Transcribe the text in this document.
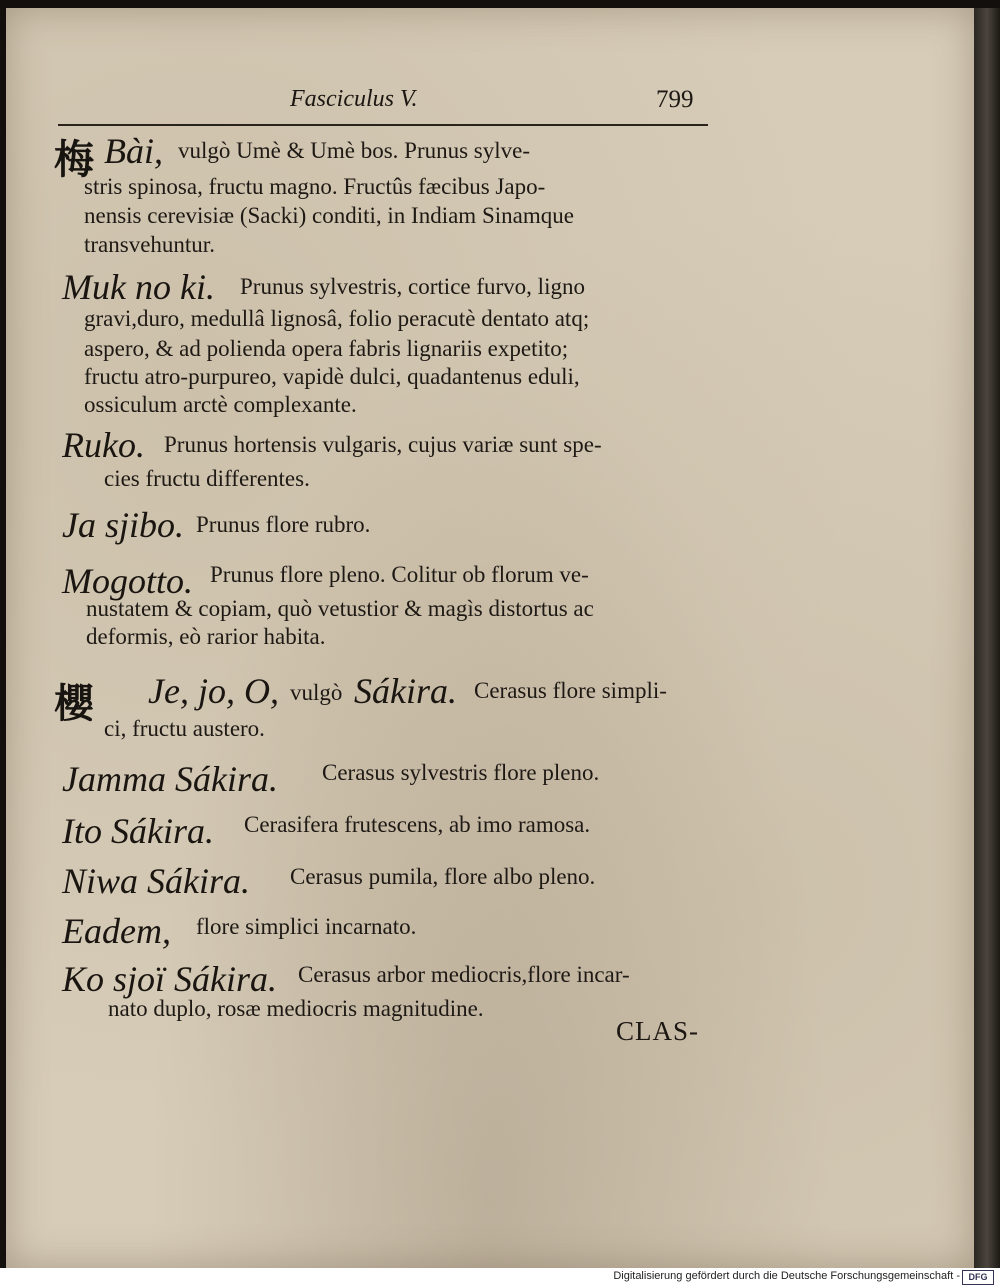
Fasciculus V.	799
梅 Bài, vulgò Umè & Umè bos. Prunus sylve-
stris spinosa, fructu magno. Fructûs fæcibus Japo-
nensis cerevisiæ (Sacki) conditi, in Indiam Sinamque
transvehuntur.
Muk no ki. Prunus sylvestris, cortice furvo, ligno
gravi,duro, medullâ lignosâ, folio peracutè dentato atq;
aspero, & ad polienda opera fabris lignariis expetito;
fructu atro-purpureo, vapidè dulci, quadantenus eduli,
ossiculum arctè complexante.
Ruko. Prunus hortensis vulgaris, cujus variæ sunt spe-
cies fructu differentes.
Ja sjibo. Prunus flore rubro.
Mogotto. Prunus flore pleno. Colitur ob florum ve-
nustatem & copiam, quò vetustior & magìs distortus ac
deformis, eò rarior habita.
櫻 Je, jo, O, vulgò Sákira. Cerasus flore simpli-
ci, fructu austero.
Jamma Sákira. Cerasus sylvestris flore pleno.
Ito Sákira. Cerasifera frutescens, ab imo ramosa.
Niwa Sákira. Cerasus pumila, flore albo pleno.
Eadem, flore simplici incarnato.
Ko sjoï Sákira. Cerasus arbor mediocris,flore incar-
nato duplo, rosæ mediocris magnitudine.
CLAS-
Digitalisierung gefördert durch die Deutsche Forschungsgemeinschaft - DFG
